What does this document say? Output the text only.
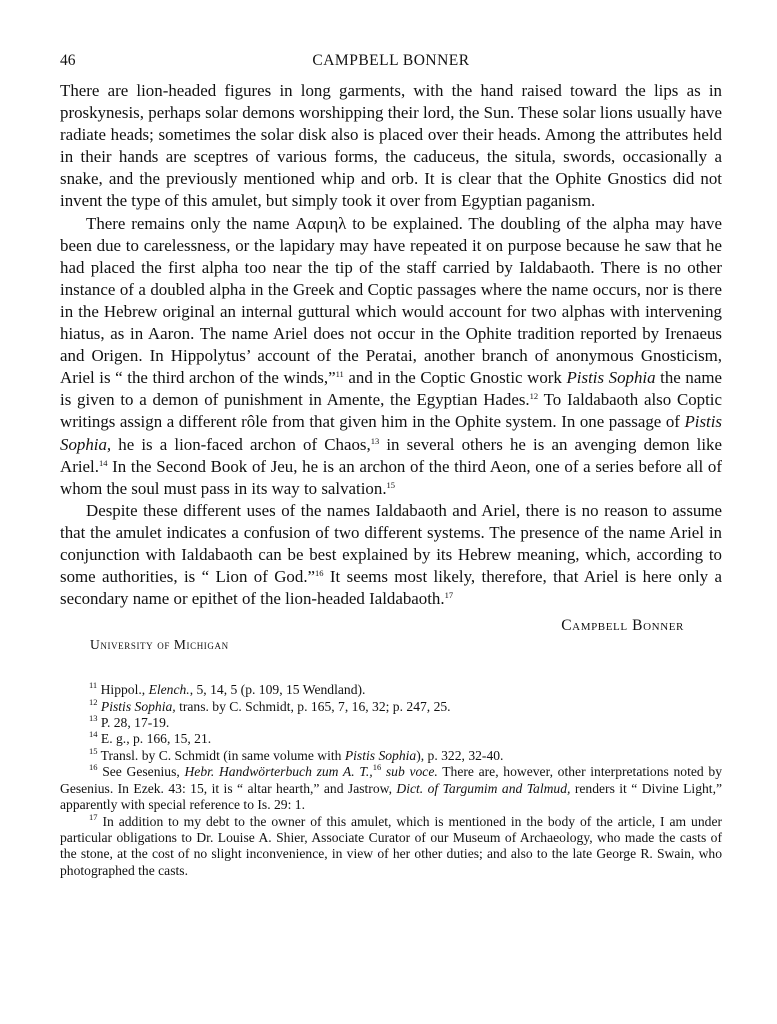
46	CAMPBELL BONNER

There are lion-headed figures in long garments, with the hand raised toward the lips as in proskynesis, perhaps solar demons worshipping their lord, the Sun. These solar lions usually have radiate heads; sometimes the solar disk also is placed over their heads. Among the attributes held in their hands are sceptres of various forms, the caduceus, the situla, swords, occasionally a snake, and the previously mentioned whip and orb. It is clear that the Ophite Gnostics did not invent the type of this amulet, but simply took it over from Egyptian paganism.

There remains only the name Ααριηλ to be explained. The doubling of the alpha may have been due to carelessness, or the lapidary may have repeated it on purpose because he saw that he had placed the first alpha too near the tip of the staff carried by Ialdabaoth. There is no other instance of a doubled alpha in the Greek and Coptic passages where the name occurs, nor is there in the Hebrew original an internal guttural which would account for two alphas with intervening hiatus, as in Aaron. The name Ariel does not occur in the Ophite tradition reported by Irenaeus and Origen. In Hippolytus’ account of the Peratai, another branch of anonymous Gnosticism, Ariel is “ the third archon of the winds,”$^{11}$ and in the Coptic Gnostic work Pistis Sophia the name is given to a demon of punishment in Amente, the Egyptian Hades.$^{12}$ To Ialdabaoth also Coptic writings assign a different rôle from that given him in the Ophite system. In one passage of Pistis Sophia, he is a lion-faced archon of Chaos,$^{13}$ in several others he is an avenging demon like Ariel.$^{14}$ In the Second Book of Jeu, he is an archon of the third Aeon, one of a series before all of whom the soul must pass in its way to salvation.$^{15}$

Despite these different uses of the names Ialdabaoth and Ariel, there is no reason to assume that the amulet indicates a confusion of two different systems. The presence of the name Ariel in conjunction with Ialdabaoth can be best explained by its Hebrew meaning, which, according to some authorities, is “ Lion of God.”$^{16}$ It seems most likely, therefore, that Ariel is here only a secondary name or epithet of the lion-headed Ialdabaoth.$^{17}$

Campbell Bonner
University of Michigan
$^{11}$ Hippol., Elench., 5, 14, 5 (p. 109, 15 Wendland).
$^{12}$ Pistis Sophia, trans. by C. Schmidt, p. 165, 7, 16, 32; p. 247, 25.
$^{13}$ P. 28, 17-19.
$^{14}$ E. g., p. 166, 15, 21.
$^{15}$ Transl. by C. Schmidt (in same volume with Pistis Sophia), p. 322, 32-40.
$^{16}$ See Gesenius, Hebr. Handwörterbuch zum A. T.,$^{16}$ sub voce. There are, however, other interpretations noted by Gesenius. In Ezek. 43: 15, it is “ altar hearth,” and Jastrow, Dict. of Targumim and Talmud, renders it “ Divine Light,” apparently with special reference to Is. 29: 1.
$^{17}$ In addition to my debt to the owner of this amulet, which is mentioned in the body of the article, I am under particular obligations to Dr. Louise A. Shier, Associate Curator of our Museum of Archaeology, who made the casts of the stone, at the cost of no slight inconvenience, in view of her other duties; and also to the late George R. Swain, who photographed the casts.
